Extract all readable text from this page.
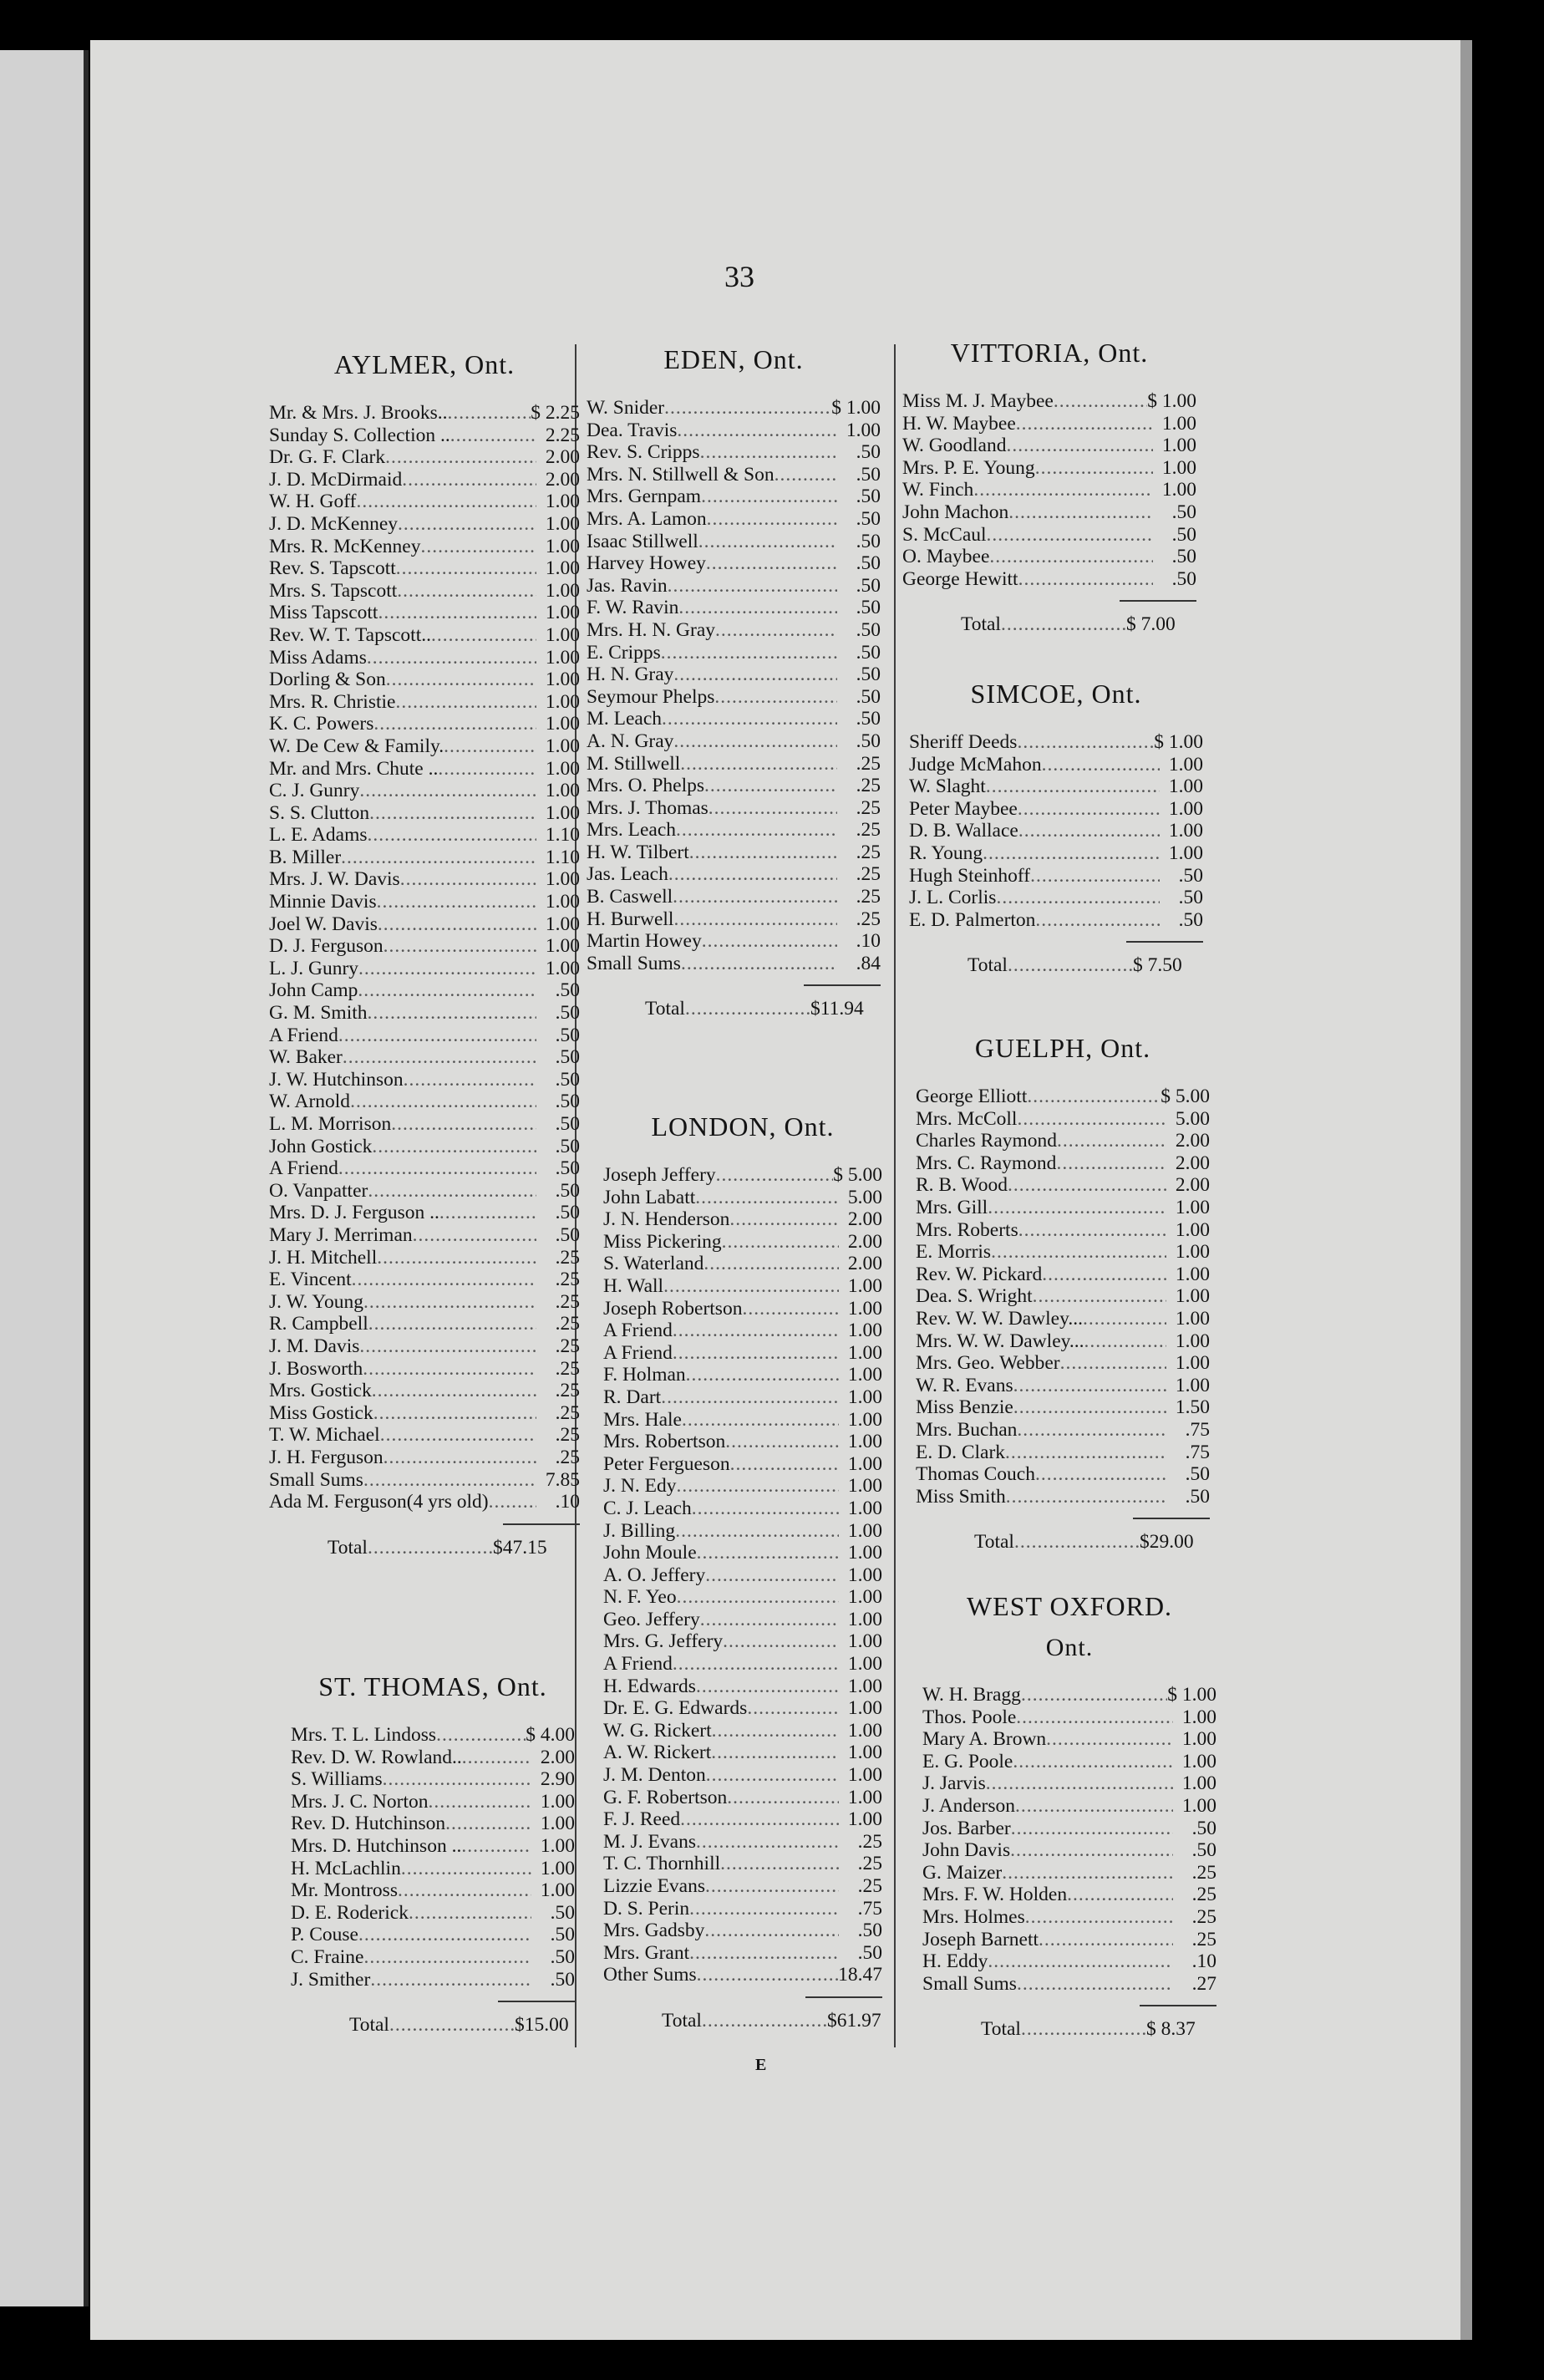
33
AYLMER, Ont.
Mr. & Mrs. J. Brooks.. .....	$ 2.25
Sunday S. Collection .. .....	2.25
Dr. G. F. Clark .....	2.00
J. D. McDirmaid .....	2.00
W. H. Goff .....	1.00
J. D. McKenney .....	1.00
Mrs. R. McKenney .....	1.00
Rev. S. Tapscott .....	1.00
Mrs. S. Tapscott .....	1.00
Miss Tapscott .....	1.00
Rev. W. T. Tapscott.. .....	1.00
Miss Adams .....	1.00
Dorling & Son .....	1.00
Mrs. R. Christie .....	1.00
K. C. Powers .....	1.00
W. De Cew & Family. .....	1.00
Mr. and Mrs. Chute .. .....	1.00
C. J. Gunry .....	1.00
S. S. Clutton .....	1.00
L. E. Adams .....	1.10
B. Miller .....	1.10
Mrs. J. W. Davis .....	1.00
Minnie Davis .....	1.00
Joel W. Davis .....	1.00
D. J. Ferguson .....	1.00
L. J. Gunry .....	1.00
John Camp .....	.50
G. M. Smith .....	.50
A Friend .....	.50
W. Baker .....	.50
J. W. Hutchinson .....	.50
W. Arnold .....	.50
L. M. Morrison .....	.50
John Gostick .....	.50
A Friend .....	.50
O. Vanpatter .....	.50
Mrs. D. J. Ferguson .. .....	.50
Mary J. Merriman .....	.50
J. H. Mitchell .....	.25
E. Vincent .....	.25
J. W. Young .....	.25
R. Campbell .....	.25
J. M. Davis .....	.25
J. Bosworth .....	.25
Mrs. Gostick .....	.25
Miss Gostick .....	.25
T. W. Michael .....	.25
J. H. Ferguson .....	.25
Small Sums .....	7.85
Ada M. Ferguson(4 yrs old) .....	.10
Total .....	$47.15
ST. THOMAS, Ont.
Mrs. T. L. Lindoss .....	$ 4.00
Rev. D. W. Rowland.. .....	2.00
S. Williams .....	2.90
Mrs. J. C. Norton .....	1.00
Rev. D. Hutchinson .....	1.00
Mrs. D. Hutchinson .. .....	1.00
H. McLachlin .....	1.00
Mr. Montross .....	1.00
D. E. Roderick .....	.50
P. Couse .....	.50
C. Fraine .....	.50
J. Smither .....	.50
Total .....	$15.00
EDEN, Ont.
W. Snider .....	$ 1.00
Dea. Travis .....	1.00
Rev. S. Cripps .....	.50
Mrs. N. Stillwell & Son .....	.50
Mrs. Gernpam .....	.50
Mrs. A. Lamon .....	.50
Isaac Stillwell .....	.50
Harvey Howey .....	.50
Jas. Ravin .....	.50
F. W. Ravin .....	.50
Mrs. H. N. Gray .....	.50
E. Cripps .....	.50
H. N. Gray .....	.50
Seymour Phelps .....	.50
M. Leach .....	.50
A. N. Gray .....	.50
M. Stillwell .....	.25
Mrs. O. Phelps .....	.25
Mrs. J. Thomas .....	.25
Mrs. Leach .....	.25
H. W. Tilbert .....	.25
Jas. Leach .....	.25
B. Caswell .....	.25
H. Burwell .....	.25
Martin Howey .....	.10
Small Sums .....	.84
Total .....	$11.94
LONDON, Ont.
Joseph Jeffery .....	$ 5.00
John Labatt .....	5.00
J. N. Henderson .....	2.00
Miss Pickering .....	2.00
S. Waterland .....	2.00
H. Wall .....	1.00
Joseph Robertson .....	1.00
A Friend .....	1.00
A Friend .....	1.00
F. Holman .....	1.00
R. Dart .....	1.00
Mrs. Hale .....	1.00
Mrs. Robertson .....	1.00
Peter Fergueson .....	1.00
J. N. Edy .....	1.00
C. J. Leach .....	1.00
J. Billing .....	1.00
John Moule .....	1.00
A. O. Jeffery .....	1.00
N. F. Yeo .....	1.00
Geo. Jeffery .....	1.00
Mrs. G. Jeffery .....	1.00
A Friend .....	1.00
H. Edwards .....	1.00
Dr. E. G. Edwards .....	1.00
W. G. Rickert .....	1.00
A. W. Rickert .....	1.00
J. M. Denton .....	1.00
G. F. Robertson .....	1.00
F. J. Reed .....	1.00
M. J. Evans .....	.25
T. C. Thornhill .....	.25
Lizzie Evans .....	.25
D. S. Perin .....	.75
Mrs. Gadsby .....	.50
Mrs. Grant .....	.50
Other Sums .....	18.47
Total .....	$61.97
VITTORIA, Ont.
Miss M. J. Maybee .....	$ 1.00
H. W. Maybee .....	1.00
W. Goodland .....	1.00
Mrs. P. E. Young .....	1.00
W. Finch .....	1.00
John Machon .....	.50
S. McCaul .....	.50
O. Maybee .....	.50
George Hewitt .....	.50
Total .....	$ 7.00
SIMCOE, Ont.
Sheriff Deeds .....	$ 1.00
Judge McMahon .....	1.00
W. Slaght .....	1.00
Peter Maybee .....	1.00
D. B. Wallace .....	1.00
R. Young .....	1.00
Hugh Steinhoff .....	.50
J. L. Corlis .....	.50
E. D. Palmerton .....	.50
Total .....	$ 7.50
GUELPH, Ont.
George Elliott .....	$ 5.00
Mrs. McColl .....	5.00
Charles Raymond .....	2.00
Mrs. C. Raymond .....	2.00
R. B. Wood .....	2.00
Mrs. Gill .....	1.00
Mrs. Roberts .....	1.00
E. Morris .....	1.00
Rev. W. Pickard .....	1.00
Dea. S. Wright .....	1.00
Rev. W. W. Dawley... .....	1.00
Mrs. W. W. Dawley... .....	1.00
Mrs. Geo. Webber .....	1.00
W. R. Evans .....	1.00
Miss Benzie .....	1.50
Mrs. Buchan .....	.75
E. D. Clark .....	.75
Thomas Couch .....	.50
Miss Smith .....	.50
Total .....	$29.00
WEST OXFORD.
Ont.
W. H. Bragg .....	$ 1.00
Thos. Poole .....	1.00
Mary A. Brown .....	1.00
E. G. Poole .....	1.00
J. Jarvis .....	1.00
J. Anderson .....	1.00
Jos. Barber .....	.50
John Davis .....	.50
G. Maizer .....	.25
Mrs. F. W. Holden .....	.25
Mrs. Holmes .....	.25
Joseph Barnett .....	.25
H. Eddy .....	.10
Small Sums .....	.27
Total .....	$ 8.37
E
